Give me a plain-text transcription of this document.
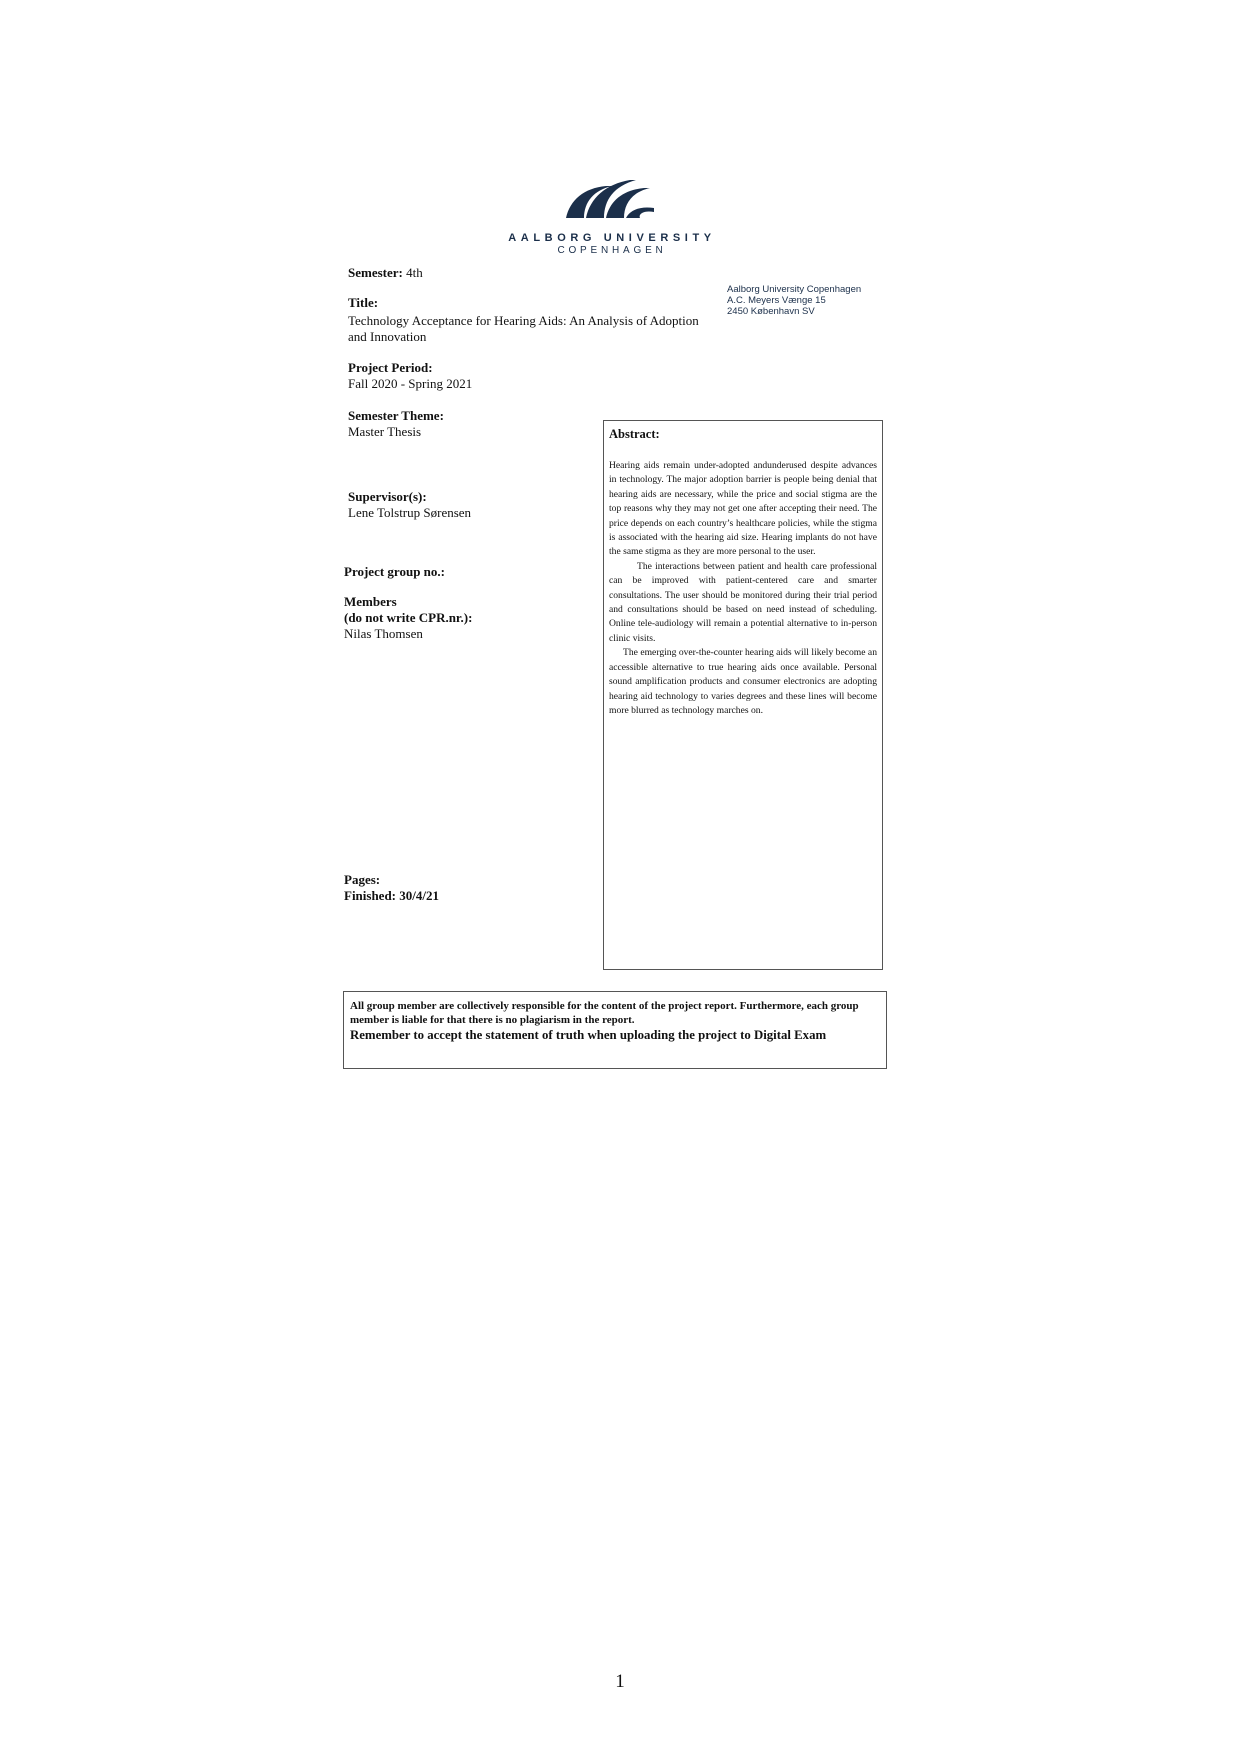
AALBORG UNIVERSITY
COPENHAGEN
Aalborg University Copenhagen
A.C. Meyers Vænge 15
2450 København SV
Semester: 4th
Title:
Technology Acceptance for Hearing Aids: An Analysis of Adoption
and Innovation
Project Period:
Fall 2020 - Spring 2021
Semester Theme:
Master Thesis
Supervisor(s):
Lene Tolstrup Sørensen
Project group no.:
Members
(do not write CPR.nr.):
Nilas Thomsen
Pages:
Finished: 30/4/21
Abstract:

Hearing aids remain under-adopted andunderused despite advances in technology. The major adoption barrier is people being denial that hearing aids are necessary, while the price and social stigma are the top reasons why they may not get one after accepting their need. The price depends on each country’s healthcare policies, while the stigma is associated with the hearing aid size. Hearing implants do not have the same stigma as they are more personal to the user.

The interactions between patient and health care professional can be improved with patient-centered care and smarter consultations. The user should be monitored during their trial period and consultations should be based on need instead of scheduling. Online tele-audiology will remain a potential alternative to in-person clinic visits.

The emerging over-the-counter hearing aids will likely become an accessible alternative to true hearing aids once available. Personal sound amplification products and consumer electronics are adopting hearing aid technology to varies degrees and these lines will become more blurred as technology marches on.

All group member are collectively responsible for the content of the project report. Furthermore, each group member is liable for that there is no plagiarism in the report.

Remember to accept the statement of truth when uploading the project to Digital Exam

1
